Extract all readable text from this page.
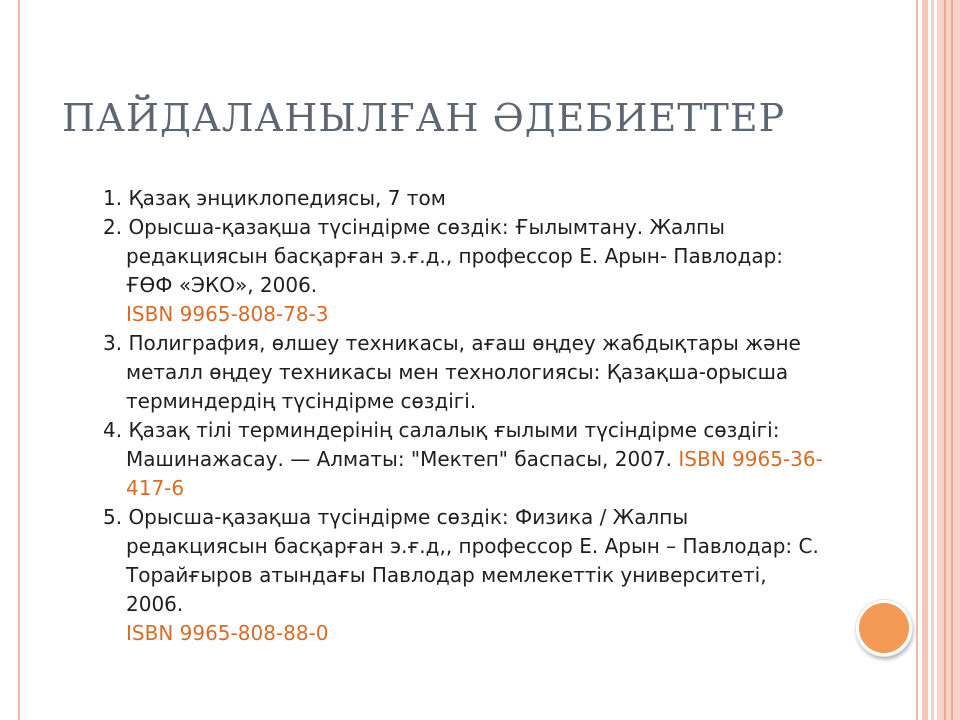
ПАЙДАЛАНЫЛҒАН ӘДЕБИЕТТЕР
1. Қазақ энциклопедиясы, 7 том
2. Орысша-қазақша түсіндірме сөздік: Ғылымтану. Жалпы редакциясын басқарған э.ғ.д., профессор Е. Арын- Павлодар: ҒӨФ «ЭКО», 2006.
ISBN 9965-808-78-3
3. Полиграфия, өлшеу техникасы, ағаш өңдеу жабдықтары және металл өңдеу техникасы мен технологиясы: Қазақша-орысша терминдердің түсіндірме сөздігі.
4. Қазақ тілі терминдерінің салалық ғылыми түсіндірме сөздігі: Машинажасау. — Алматы: "Мектеп" баспасы, 2007. ISBN 9965-36-417-6
5. Орысша-қазақша түсіндірме сөздік: Физика / Жалпы редакциясын басқарған э.ғ.д,, профессор Е. Арын – Павлодар: С. Торайғыров атындағы Павлодар мемлекеттік университеті, 2006.
ISBN 9965-808-88-0
